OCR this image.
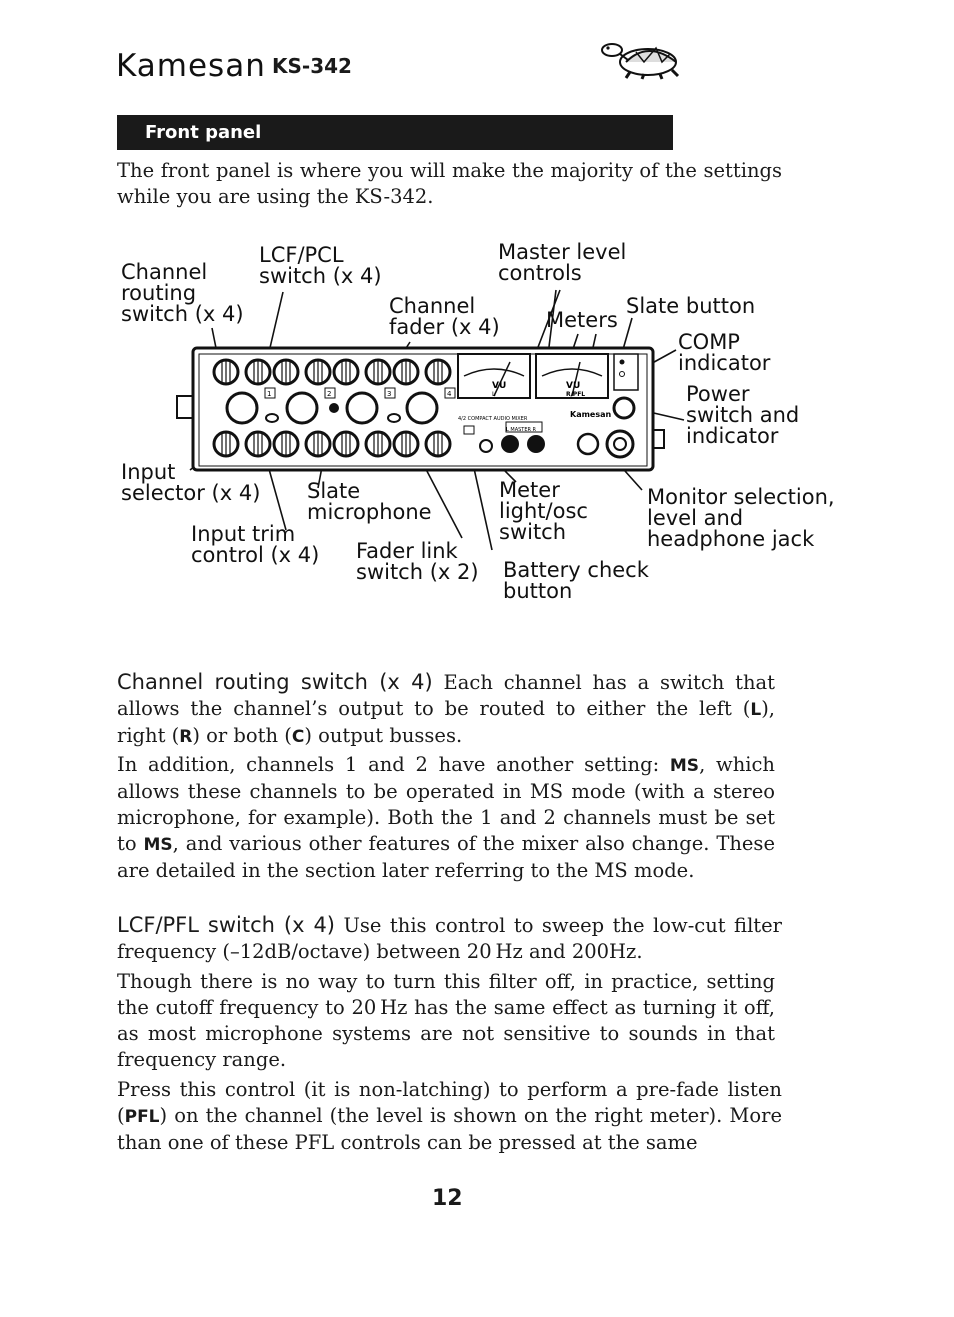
Kamesan KS-342
Front panel
The front panel is where you will make the majority of the settings while you are using the KS-342.
Channel
routing
switch (x 4)
LCF/PCL
switch (x 4)
Channel
fader (x 4)
Master level
controls
Meters
Slate button
COMP
indicator
Power
switch and
indicator
Input
selector (x 4) Slate
microphone
Input trim
control (x 4) Fader link
switch (x 2)
Meter
light/osc
switch
Battery check
button
Monitor selection,
level and
headphone jack
VU	VU
L	R/PFL
Kamesan
4/2 COMPACT AUDIO MIXER
L MASTER R
1	2	3	4
Channel routing switch (x 4) Each channel has a switch that allows the channel’s output to be routed to either the left (L), right (R) or both (C) output busses.
In addition, channels 1 and 2 have another setting: MS, which allows these channels to be operated in MS mode (with a stereo microphone, for example). Both the 1 and 2 channels must be set to MS, and various other features of the mixer also change. These are detailed in the section later referring to the MS mode.
LCF/PFL switch (x 4) Use this control to sweep the low-cut filter frequency (–12dB/octave) between 20 Hz and 200Hz.
Though there is no way to turn this filter off, in practice, setting the cutoff frequency to 20 Hz has the same effect as turning it off, as most microphone systems are not sensitive to sounds in that frequency range.
Press this control (it is non-latching) to perform a pre-fade listen (PFL) on the channel (the level is shown on the right meter). More than one of these PFL controls can be pressed at the same
12
